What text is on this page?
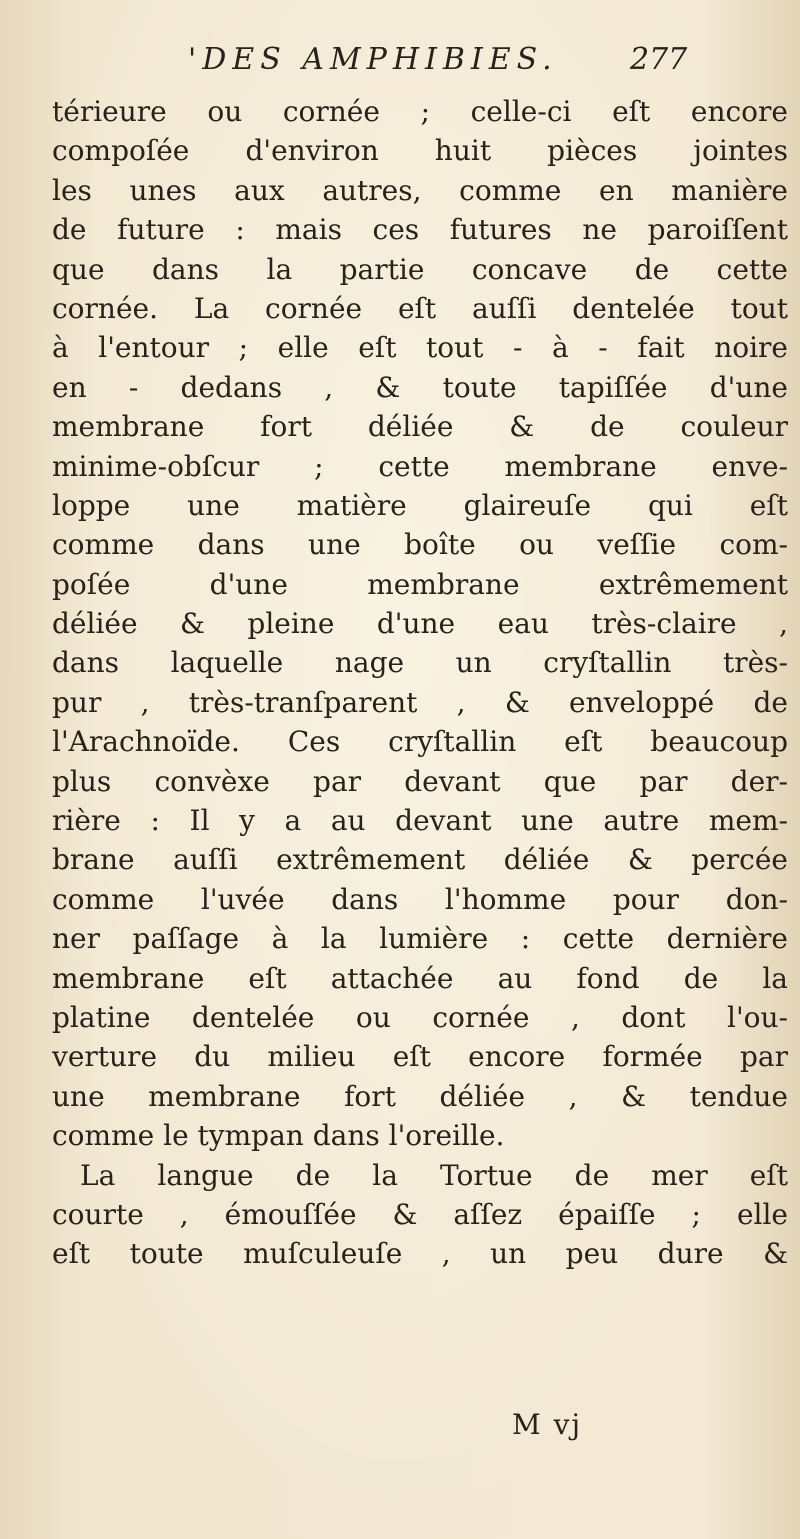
'DES AMPHIBIES. 277
térieure ou cornée ; celle-ci eſt encore
compoſée d'environ huit pièces jointes
les unes aux autres, comme en manière
de future : mais ces futures ne paroiſſent
que dans la partie concave de cette
cornée. La cornée eſt auſſi dentelée tout
à l'entour ; elle eſt tout - à - fait noire
en - dedans , & toute tapiſſée d'une
membrane fort déliée & de couleur
minime-obſcur ; cette membrane enve-
loppe une matière glaireuſe qui eſt
comme dans une boîte ou veſſie com-
poſée d'une membrane extrêmement
déliée & pleine d'une eau très-claire ,
dans laquelle nage un cryſtallin très-
pur , très-tranſparent , & enveloppé de
l'Arachnoïde. Ces cryſtallin eſt beaucoup
plus convèxe par devant que par der-
rière : Il y a au devant une autre mem-
brane auſſi extrêmement déliée & percée
comme l'uvée dans l'homme pour don-
ner paſſage à la lumière : cette dernière
membrane eſt attachée au fond de la
platine dentelée ou cornée , dont l'ou-
verture du milieu eſt encore formée par
une membrane fort déliée , & tendue
comme le tympan dans l'oreille.
La langue de la Tortue de mer eſt
courte , émouſſée & aſſez épaiſſe ; elle
eſt toute muſculeuſe , un peu dure &
M vj
